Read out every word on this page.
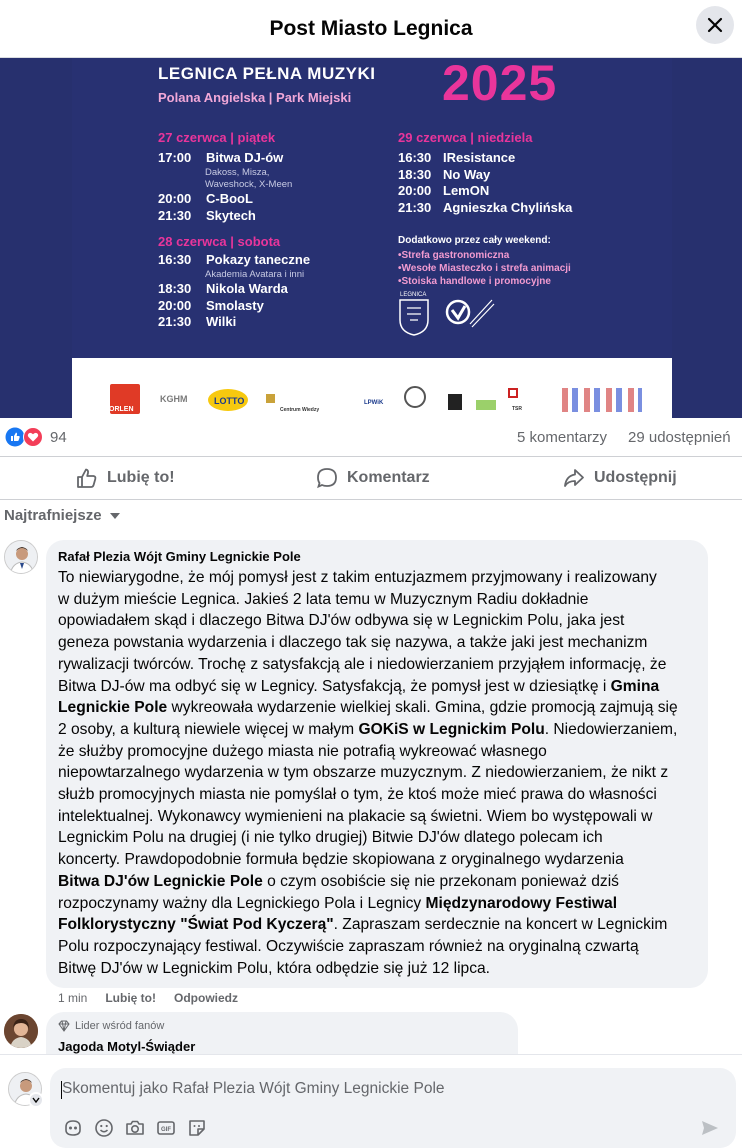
Post Miasto Legnica
LEGNICA PEŁNA MUZYKI
Polana Angielska | Park Miejski 2025
27 czerwca | piątek
17:00 Bitwa DJ-ów
Dakoss, Misza,
Waveshock, X-Meen
20:00 C-BooL
21:30 Skytech
28 czerwca | sobota
16:30 Pokazy taneczne
Akademia Avatara i inni
18:30 Nikola Warda
20:00 Smolasty
21:30 Wilki
29 czerwca | niedziela
16:30 IResistance
18:30 No Way
20:00 LemON
21:30 Agnieszka Chylińska
Dodatkowo przez cały weekend:
•Strefa gastronomiczna
•Wesołe Miasteczko i strefa animacji
•Stoiska handlowe i promocyjne
LEGNICA
ORLEN
KGHM	LOTTO
Centrum Wiedzy
LPWiK
TSR
94	5 komentarzy 29 udostępnień
Lubię to!	Komentarz	Udostępnij
Najtrafniejsze
Rafał Plezia Wójt Gminy Legnickie Pole
To niewiarygodne, że mój pomysł jest z takim entuzjazmem przyjmowany i realizowany
w dużym mieście Legnica. Jakieś 2 lata temu w Muzycznym Radiu dokładnie
opowiadałem skąd i dlaczego Bitwa DJ'ów odbywa się w Legnickim Polu, jaka jest
geneza powstania wydarzenia i dlaczego tak się nazywa, a także jaki jest mechanizm
rywalizacji twórców. Trochę z satysfakcją ale i niedowierzaniem przyjąłem informację, że
Bitwa DJ-ów ma odbyć się w Legnicy. Satysfakcją, że pomysł jest w dziesiątkę i Gmina
Legnickie Pole wykreowała wydarzenie wielkiej skali. Gmina, gdzie promocją zajmują się
2 osoby, a kulturą niewiele więcej w małym GOKiS w Legnickim Polu. Niedowierzaniem,
że służby promocyjne dużego miasta nie potrafią wykreować własnego
niepowtarzalnego wydarzenia w tym obszarze muzycznym. Z niedowierzaniem, że nikt z
służb promocyjnych miasta nie pomyślał o tym, że ktoś może mieć prawa do własności
intelektualnej. Wykonawcy wymienieni na plakacie są świetni. Wiem bo występowali w
Legnickim Polu na drugiej (i nie tylko drugiej) Bitwie DJ'ów dlatego polecam ich
koncerty. Prawdopodobnie formuła będzie skopiowana z oryginalnego wydarzenia
Bitwa DJ'ów Legnickie Pole o czym osobiście się nie przekonam ponieważ dziś
rozpoczynamy ważny dla Legnickiego Pola i Legnicy Międzynarodowy Festiwal
Folklorystyczny "Świat Pod Kyczerą". Zapraszam serdecznie na koncert w Legnickim
Polu rozpoczynający festiwal. Oczywiście zapraszam również na oryginalną czwartą
Bitwę DJ'ów w Legnickim Polu, która odbędzie się już 12 lipca.
1 min Lubię to! Odpowiedz
Lider wśród fanów
Jagoda Motyl-Świąder
Skomentuj jako Rafał Plezia Wójt Gminy Legnickie Pole
GIF
